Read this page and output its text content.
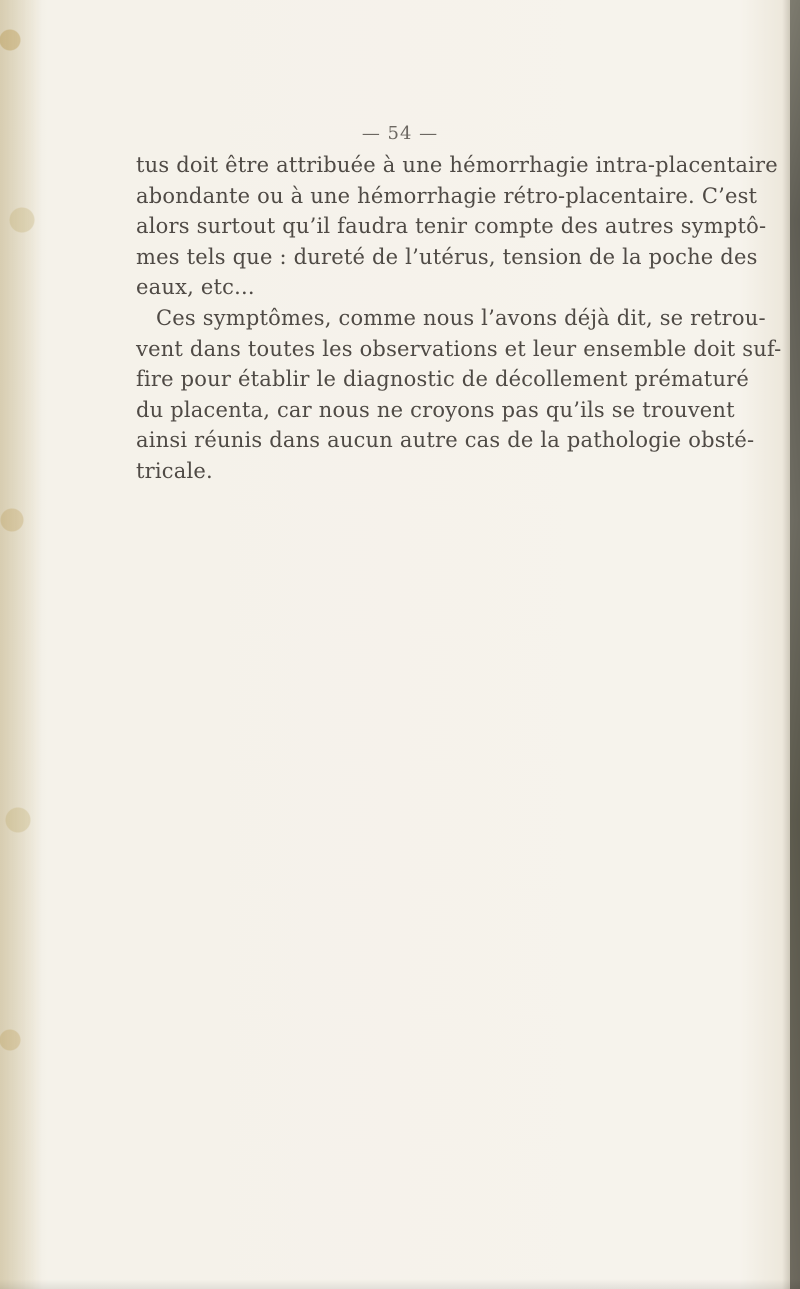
— 54 —
tus doit être attribuée à une hémorrhagie intra-placentaire
abondante ou à une hémorrhagie rétro-placentaire. C’est
alors surtout qu’il faudra tenir compte des autres symptô-
mes tels que : dureté de l’utérus, tension de la poche des
eaux, etc...
Ces symptômes, comme nous l’avons déjà dit, se retrou-
vent dans toutes les observations et leur ensemble doit suf-
fire pour établir le diagnostic de décollement prématuré
du placenta, car nous ne croyons pas qu’ils se trouvent
ainsi réunis dans aucun autre cas de la pathologie obsté-
tricale.
